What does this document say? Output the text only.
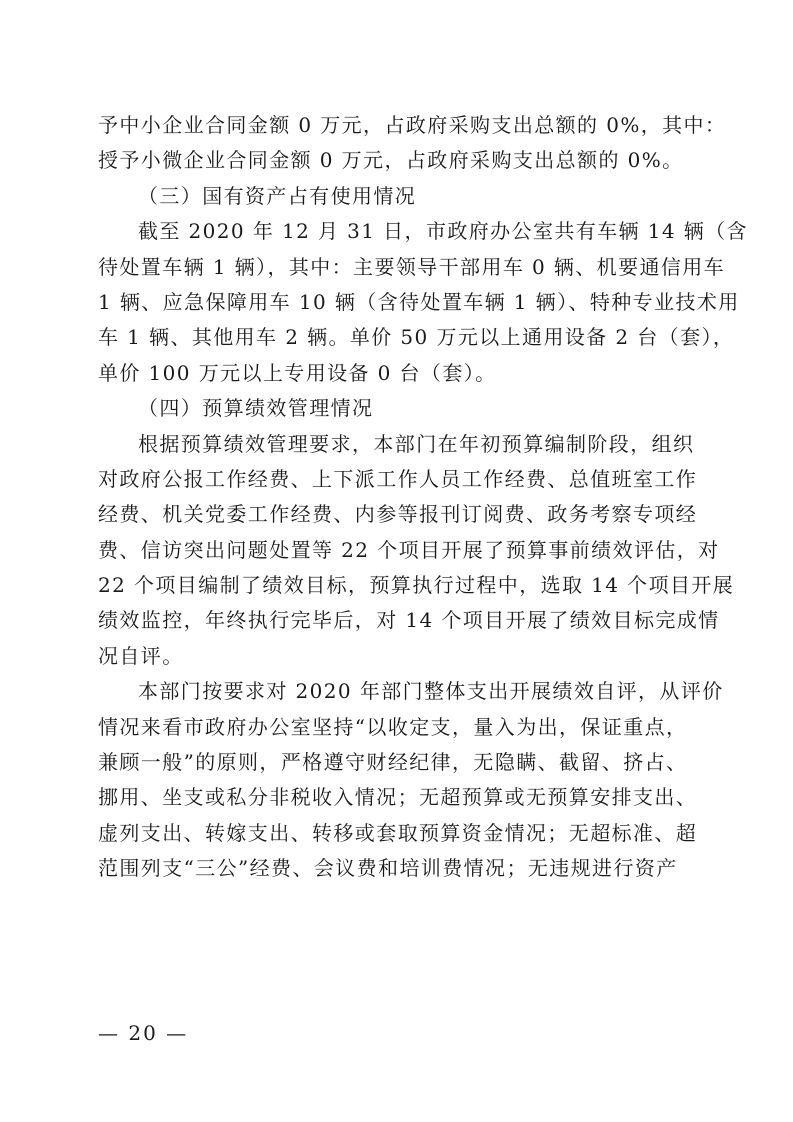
予中小企业合同金额 0 万元，占政府采购支出总额的 0%，其中：
授予小微企业合同金额 0 万元，占政府采购支出总额的 0%。
（三）国有资产占有使用情况
截至 2020 年 12 月 31 日，市政府办公室共有车辆 14 辆（含
待处置车辆 1 辆），其中：主要领导干部用车 0 辆、机要通信用车
1 辆、应急保障用车 10 辆（含待处置车辆 1 辆）、特种专业技术用
车 1 辆、其他用车 2 辆。单价 50 万元以上通用设备 2 台（套），
单价 100 万元以上专用设备 0 台（套）。
（四）预算绩效管理情况
根据预算绩效管理要求，本部门在年初预算编制阶段，组织
对政府公报工作经费、上下派工作人员工作经费、总值班室工作
经费、机关党委工作经费、内参等报刊订阅费、政务考察专项经
费、信访突出问题处置等 22 个项目开展了预算事前绩效评估，对
22 个项目编制了绩效目标，预算执行过程中，选取 14 个项目开展
绩效监控，年终执行完毕后，对 14 个项目开展了绩效目标完成情
况自评。
本部门按要求对 2020 年部门整体支出开展绩效自评，从评价
情况来看市政府办公室坚持“以收定支，量入为出，保证重点，
兼顾一般”的原则，严格遵守财经纪律，无隐瞒、截留、挤占、
挪用、坐支或私分非税收入情况；无超预算或无预算安排支出、
虚列支出、转嫁支出、转移或套取预算资金情况；无超标准、超
范围列支“三公”经费、会议费和培训费情况；无违规进行资产
— 20 —
